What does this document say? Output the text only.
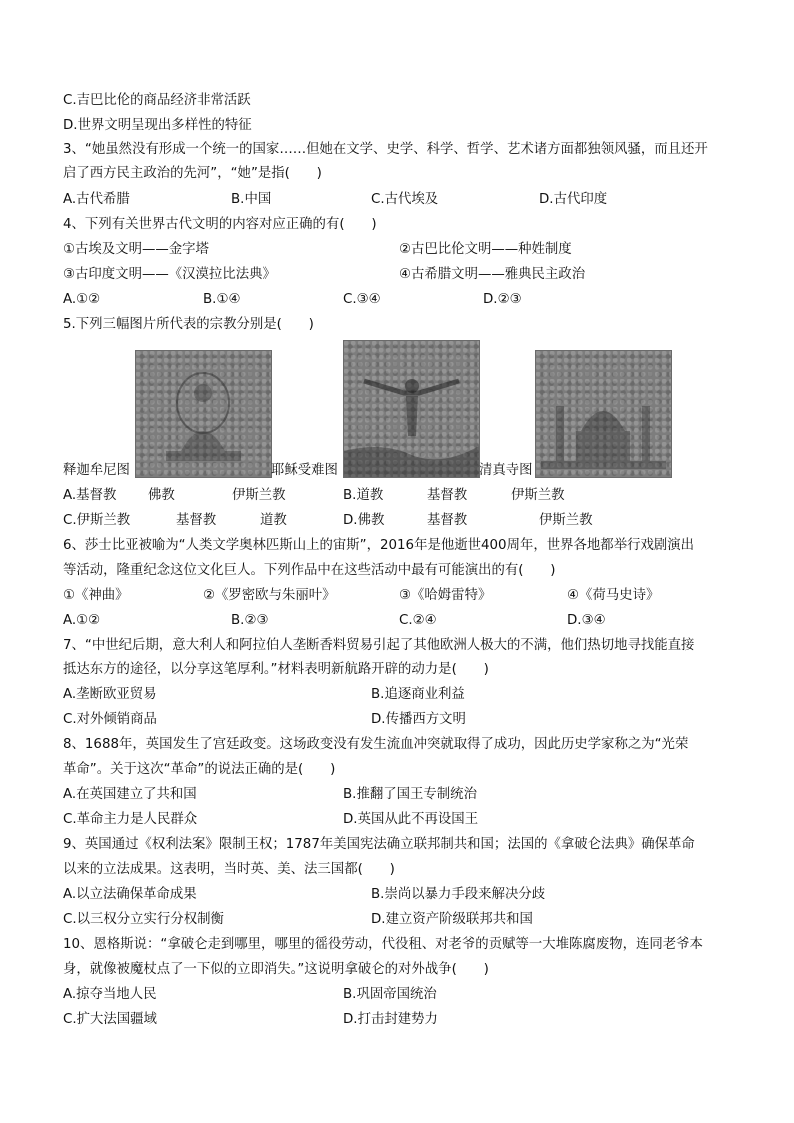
C.吉巴比伦的商品经济非常活跃
D.世界文明呈现出多样性的特征
3、“她虽然没有形成一个统一的国家……但她在文学、史学、科学、哲学、艺术诸方面都独领风骚，而且还开
启了西方民主政治的先河”，“她”是指(　　)
A.古代希腊	B.中国	C.古代埃及	D.古代印度
4、下列有关世界古代文明的内容对应正确的有(　　)
①古埃及文明——金字塔	②古巴比伦文明——种姓制度
③古印度文明——《汉漠拉比法典》	④古希腊文明——雅典民主政治
A.①②	B.①④	C.③④	D.②③
5.下列三幅图片所代表的宗教分别是(　　)
释迦牟尼图	耶稣受难图	清真寺图
A.基督教 佛教	伊斯兰教	B.道教	基督教	伊斯兰教
C.伊斯兰教	基督教	道教	D.佛教	基督教	伊斯兰教
6、莎士比亚被喻为“人类文学奥林匹斯山上的宙斯”，2016年是他逝世400周年，世界各地都举行戏剧演出
等活动，隆重纪念这位文化巨人。下列作品中在这些活动中最有可能演出的有(　　)
①《神曲》	②《罗密欧与朱丽叶》	③《哈姆雷特》	④《荷马史诗》
A.①②	B.②③	C.②④	D.③④
7、“中世纪后期，意大利人和阿拉伯人垄断香料贸易引起了其他欧洲人极大的不满，他们热切地寻找能直接
抵达东方的途径，以分享这笔厚利。”材料表明新航路开辟的动力是(　　)
A.垄断欧亚贸易	B.追逐商业利益
C.对外倾销商品	D.传播西方文明
8、1688年，英国发生了宫廷政变。这场政变没有发生流血冲突就取得了成功，因此历史学家称之为“光荣
革命”。关于这次“革命”的说法正确的是(　　)
A.在英国建立了共和国	B.推翻了国王专制统治
C.革命主力是人民群众	D.英国从此不再设国王
9、英国通过《权利法案》限制王权；1787年美国宪法确立联邦制共和国；法国的《拿破仑法典》确保革命
以来的立法成果。这表明，当时英、美、法三国都(　　)
A.以立法确保革命成果	B.崇尚以暴力手段来解决分歧
C.以三权分立实行分权制衡	D.建立资产阶级联邦共和国
10、恩格斯说：“拿破仑走到哪里，哪里的徭役劳动，代役租、对老爷的贡赋等一大堆陈腐废物，连同老爷本
身，就像被魔杖点了一下似的立即消失。”这说明拿破仑的对外战争(　　)
A.掠夺当地人民	B.巩固帝国统治
C.扩大法国疆域	D.打击封建势力
